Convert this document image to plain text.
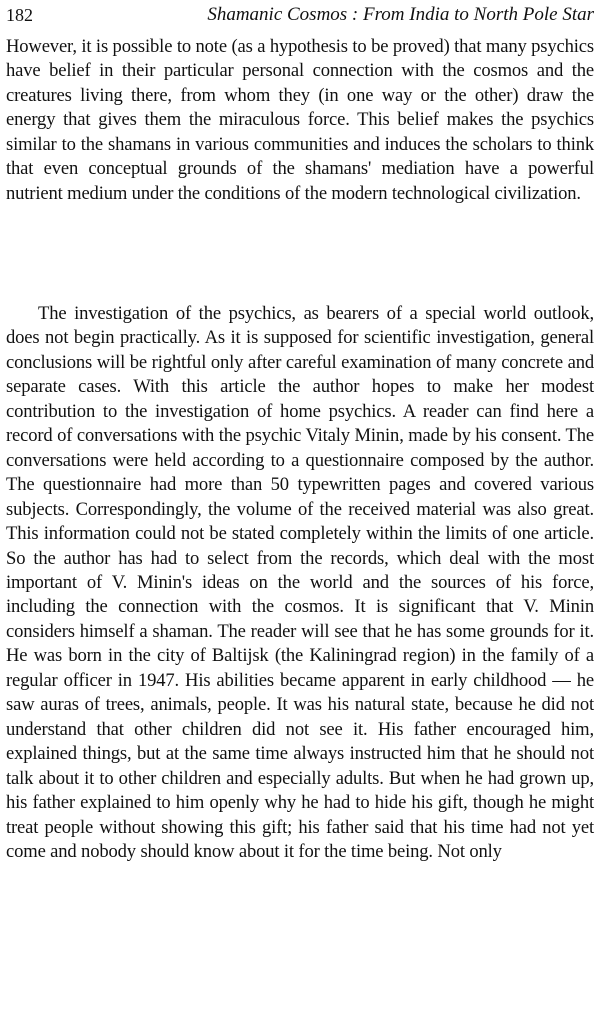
182	Shamanic Cosmos : From India to North Pole Star

However, it is possible to note (as a hypothesis to be proved) that many psychics have belief in their particular personal connection with the cosmos and the creatures living there, from whom they (in one way or the other) draw the energy that gives them the miraculous force. This belief makes the psychics similar to the shamans in various communities and induces the scholars to think that even conceptual grounds of the shamans' mediation have a powerful nutrient medium under the conditions of the modern technological civilization.

The investigation of the psychics, as bearers of a special world outlook, does not begin practically. As it is supposed for scientific investigation, general conclusions will be rightful only after careful examination of many concrete and separate cases. With this article the author hopes to make her modest contribution to the investigation of home psychics. A reader can find here a record of conversations with the psychic Vitaly Minin, made by his consent. The conversations were held according to a questionnaire composed by the author. The questionnaire had more than 50 typewritten pages and covered various subjects. Correspondingly, the volume of the received material was also great. This information could not be stated completely within the limits of one article. So the author has had to select from the records, which deal with the most important of V. Minin's ideas on the world and the sources of his force, including the connection with the cosmos. It is significant that V. Minin considers himself a shaman. The reader will see that he has some grounds for it. He was born in the city of Baltijsk (the Kaliningrad region) in the family of a regular officer in 1947. His abilities became apparent in early childhood — he saw auras of trees, animals, people. It was his natural state, because he did not understand that other children did not see it. His father encouraged him, explained things, but at the same time always instructed him that he should not talk about it to other children and especially adults. But when he had grown up, his father explained to him openly why he had to hide his gift, though he might treat people without showing this gift; his father said that his time had not yet come and nobody should know about it for the time being. Not only
